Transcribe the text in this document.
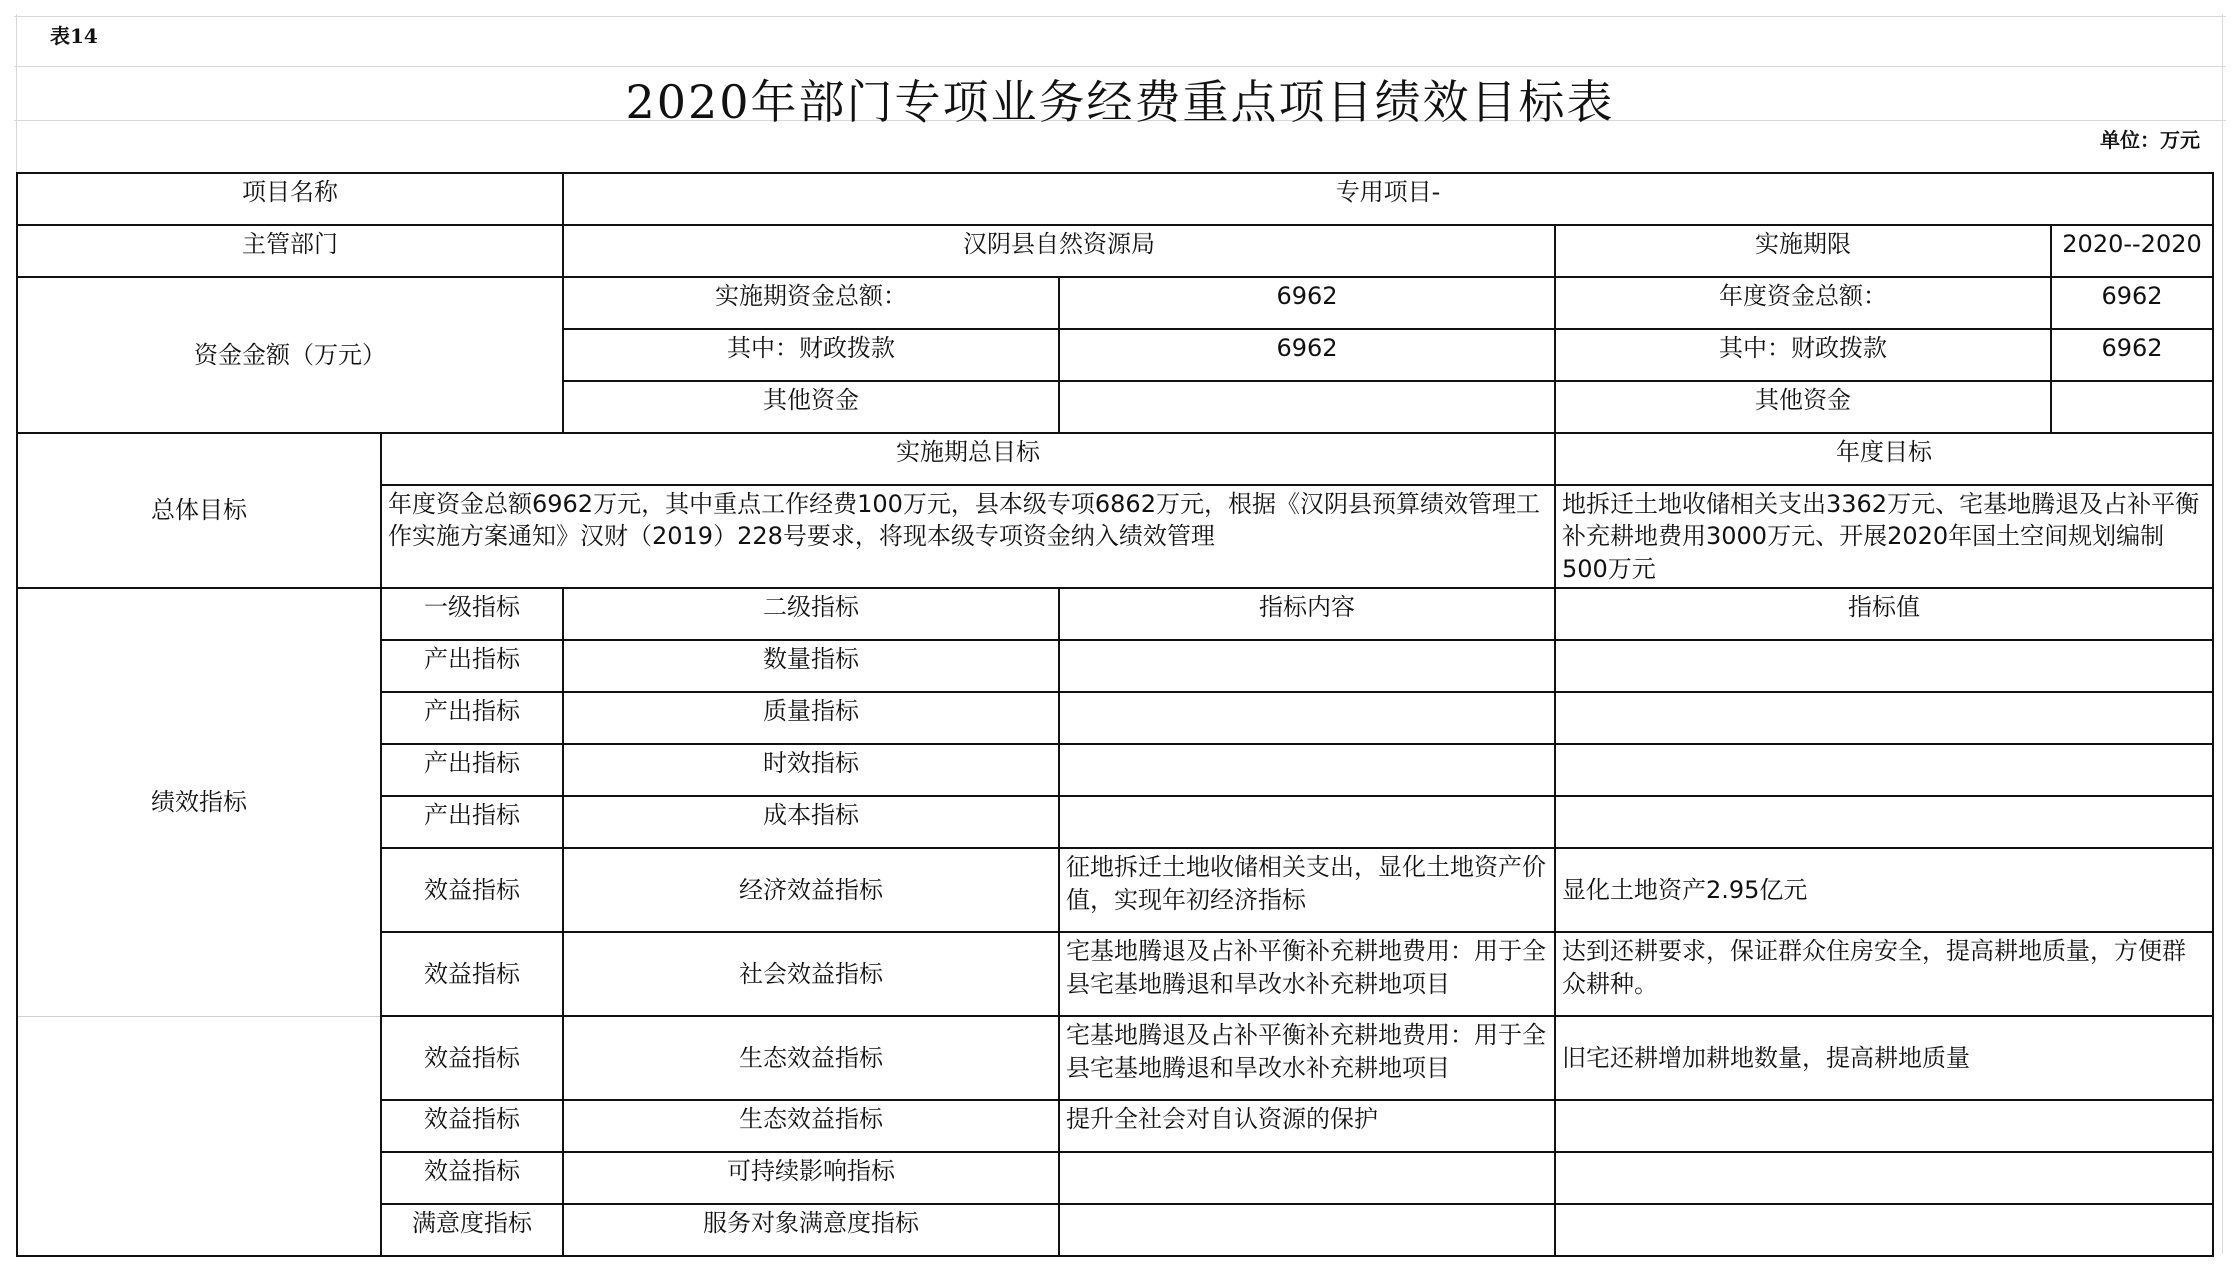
表14
2020年部门专项业务经费重点项目绩效目标表
单位：万元
项目名称		专用项目-			
主管部门		汉阴县自然资源局		实施期限	2020--2020
资金金额（万元）		实施期资金总额：	6962	年度资金总额：	6962
		其中：财政拨款	6962	其中：财政拨款	6962
		其他资金		其他资金	
总体目标	实施期总目标			年度目标	
	年度资金总额6962万元，其中重点工作经费100万元，县本级专项6862万元，根据《汉阴县预算绩效管理工作实施方案通知》汉财（2019）228号要求，将现本级专项资金纳入绩效管理			地拆迁土地收储相关支出3362万元、宅基地腾退及占补平衡补充耕地费用3000万元、开展2020年国土空间规划编制500万元	
绩效指标	一级指标	二级指标	指标内容	指标值	
	产出指标	数量指标			
	产出指标	质量指标			
	产出指标	时效指标			
	产出指标	成本指标			
	效益指标	经济效益指标	征地拆迁土地收储相关支出，显化土地资产价值，实现年初经济指标	显化土地资产2.95亿元	
	效益指标	社会效益指标	宅基地腾退及占补平衡补充耕地费用：用于全县宅基地腾退和旱改水补充耕地项目	达到还耕要求，保证群众住房安全，提高耕地质量，方便群众耕种。	
	效益指标	生态效益指标	宅基地腾退及占补平衡补充耕地费用：用于全县宅基地腾退和旱改水补充耕地项目	旧宅还耕增加耕地数量，提高耕地质量	
	效益指标	生态效益指标	提升全社会对自认资源的保护		
	效益指标	可持续影响指标			
	满意度指标	服务对象满意度指标			
